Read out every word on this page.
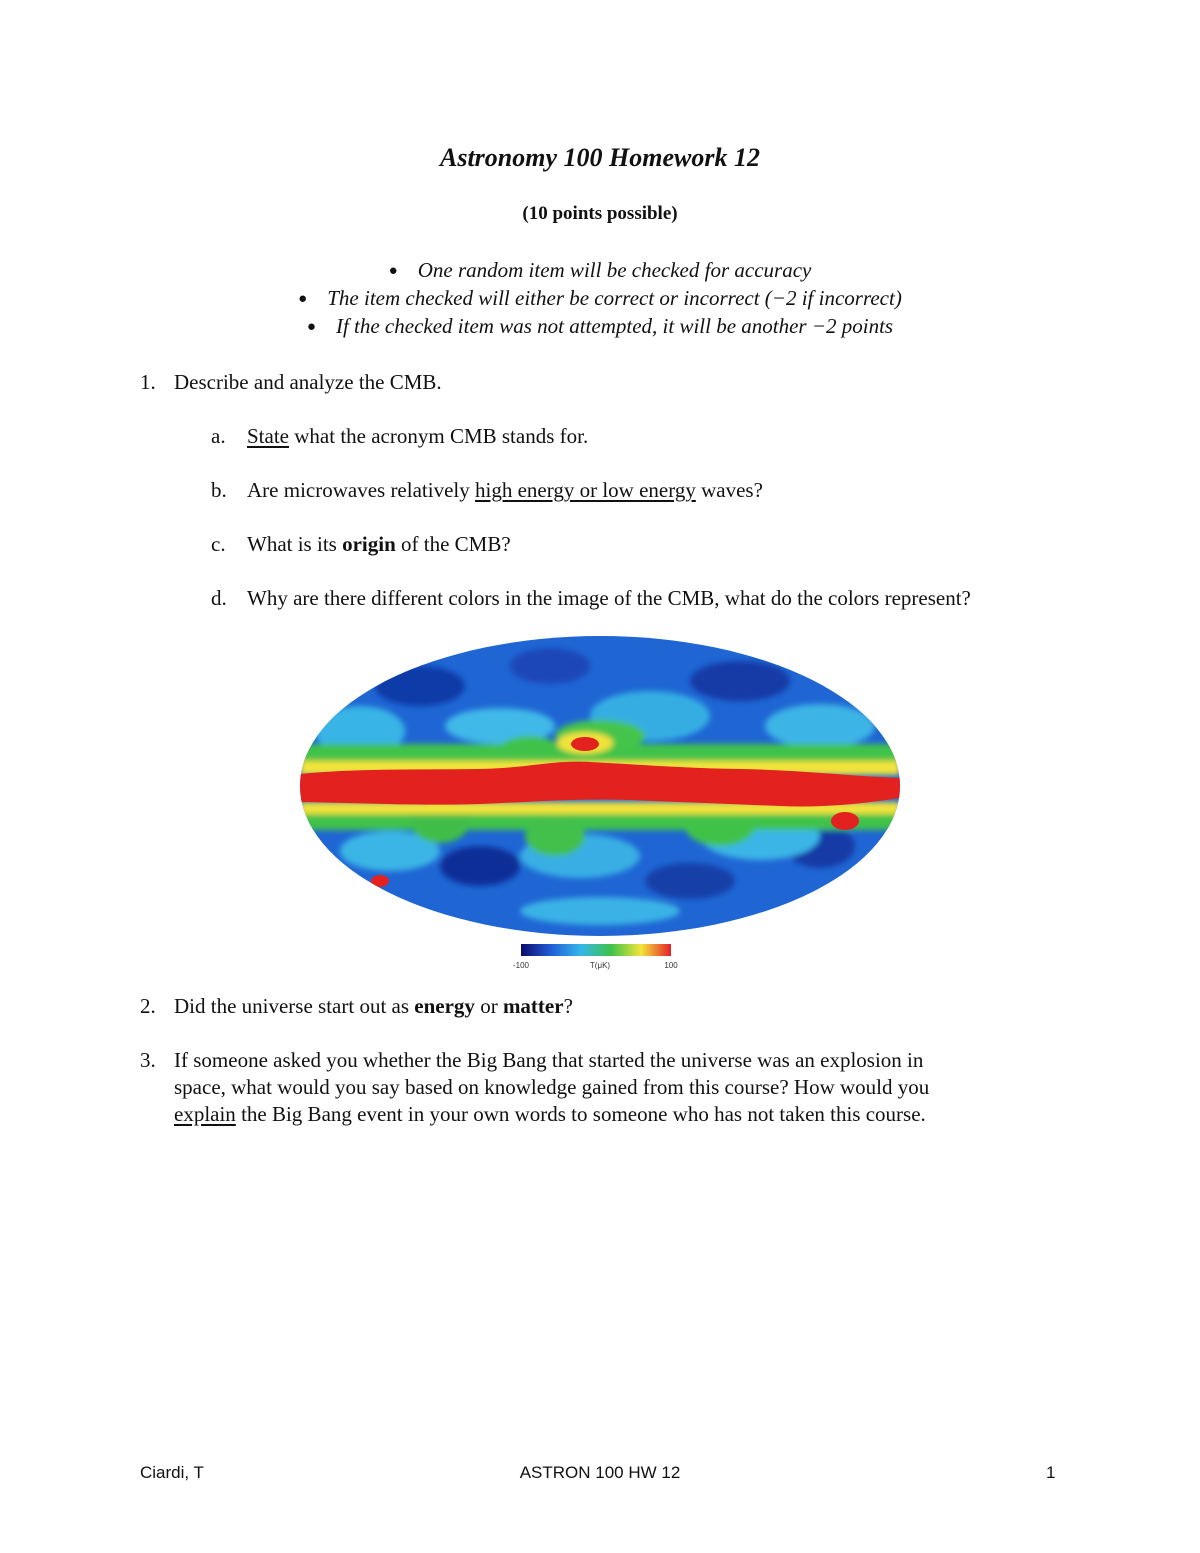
Astronomy 100 Homework 12
(10 points possible)
● One random item will be checked for accuracy
● The item checked will either be correct or incorrect (−2 if incorrect)
● If the checked item was not attempted, it will be another −2 points
1. Describe and analyze the CMB.
a. State what the acronym CMB stands for.
b. Are microwaves relatively high energy or low energy waves?
c. What is its origin of the CMB?
d. Why are there different colors in the image of the CMB, what do the colors represent?
-100	T(μK)	100
2. Did the universe start out as energy or matter?
3. If someone asked you whether the Big Bang that started the universe was an explosion in
space, what would you say based on knowledge gained from this course? How would you
explain the Big Bang event in your own words to someone who has not taken this course.
Ciardi, T	ASTRON 100 HW 12	1
